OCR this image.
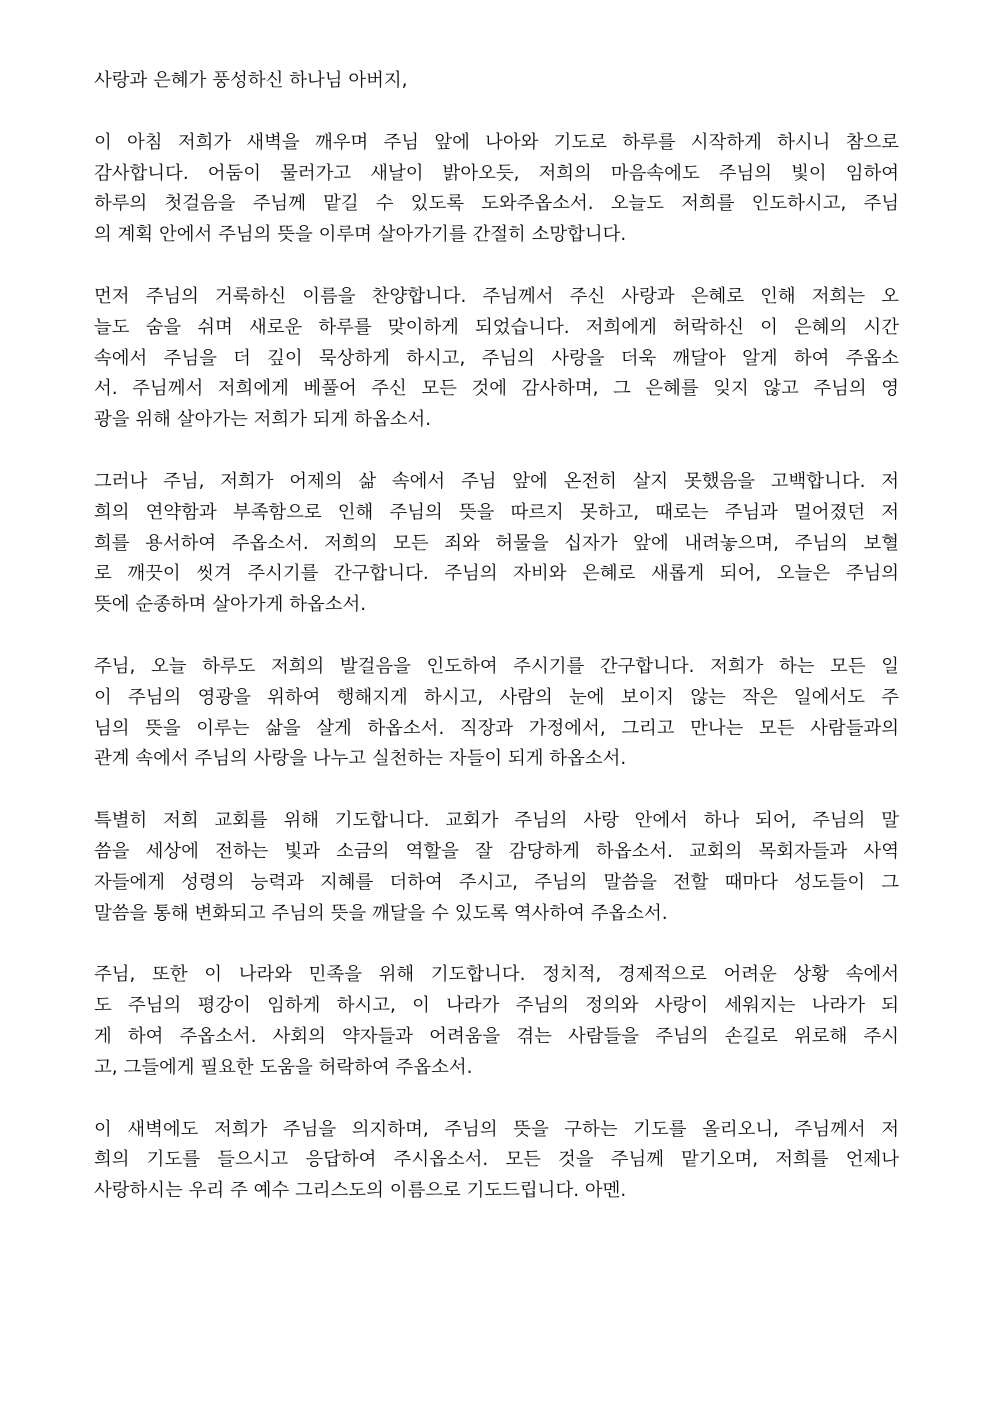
사랑과 은혜가 풍성하신 하나님 아버지,
이 아침 저희가 새벽을 깨우며 주님 앞에 나아와 기도로 하루를 시작하게 하시니 참으로
감사합니다. 어둠이 물러가고 새날이 밝아오듯, 저희의 마음속에도 주님의 빛이 임하여
하루의 첫걸음을 주님께 맡길 수 있도록 도와주옵소서. 오늘도 저희를 인도하시고, 주님
의 계획 안에서 주님의 뜻을 이루며 살아가기를 간절히 소망합니다.
먼저 주님의 거룩하신 이름을 찬양합니다. 주님께서 주신 사랑과 은혜로 인해 저희는 오
늘도 숨을 쉬며 새로운 하루를 맞이하게 되었습니다. 저희에게 허락하신 이 은혜의 시간
속에서 주님을 더 깊이 묵상하게 하시고, 주님의 사랑을 더욱 깨달아 알게 하여 주옵소
서. 주님께서 저희에게 베풀어 주신 모든 것에 감사하며, 그 은혜를 잊지 않고 주님의 영
광을 위해 살아가는 저희가 되게 하옵소서.
그러나 주님, 저희가 어제의 삶 속에서 주님 앞에 온전히 살지 못했음을 고백합니다. 저
희의 연약함과 부족함으로 인해 주님의 뜻을 따르지 못하고, 때로는 주님과 멀어졌던 저
희를 용서하여 주옵소서. 저희의 모든 죄와 허물을 십자가 앞에 내려놓으며, 주님의 보혈
로 깨끗이 씻겨 주시기를 간구합니다. 주님의 자비와 은혜로 새롭게 되어, 오늘은 주님의
뜻에 순종하며 살아가게 하옵소서.
주님, 오늘 하루도 저희의 발걸음을 인도하여 주시기를 간구합니다. 저희가 하는 모든 일
이 주님의 영광을 위하여 행해지게 하시고, 사람의 눈에 보이지 않는 작은 일에서도 주
님의 뜻을 이루는 삶을 살게 하옵소서. 직장과 가정에서, 그리고 만나는 모든 사람들과의
관계 속에서 주님의 사랑을 나누고 실천하는 자들이 되게 하옵소서.
특별히 저희 교회를 위해 기도합니다. 교회가 주님의 사랑 안에서 하나 되어, 주님의 말
씀을 세상에 전하는 빛과 소금의 역할을 잘 감당하게 하옵소서. 교회의 목회자들과 사역
자들에게 성령의 능력과 지혜를 더하여 주시고, 주님의 말씀을 전할 때마다 성도들이 그
말씀을 통해 변화되고 주님의 뜻을 깨달을 수 있도록 역사하여 주옵소서.
주님, 또한 이 나라와 민족을 위해 기도합니다. 정치적, 경제적으로 어려운 상황 속에서
도 주님의 평강이 임하게 하시고, 이 나라가 주님의 정의와 사랑이 세워지는 나라가 되
게 하여 주옵소서. 사회의 약자들과 어려움을 겪는 사람들을 주님의 손길로 위로해 주시
고, 그들에게 필요한 도움을 허락하여 주옵소서.
이 새벽에도 저희가 주님을 의지하며, 주님의 뜻을 구하는 기도를 올리오니, 주님께서 저
희의 기도를 들으시고 응답하여 주시옵소서. 모든 것을 주님께 맡기오며, 저희를 언제나
사랑하시는 우리 주 예수 그리스도의 이름으로 기도드립니다. 아멘.
